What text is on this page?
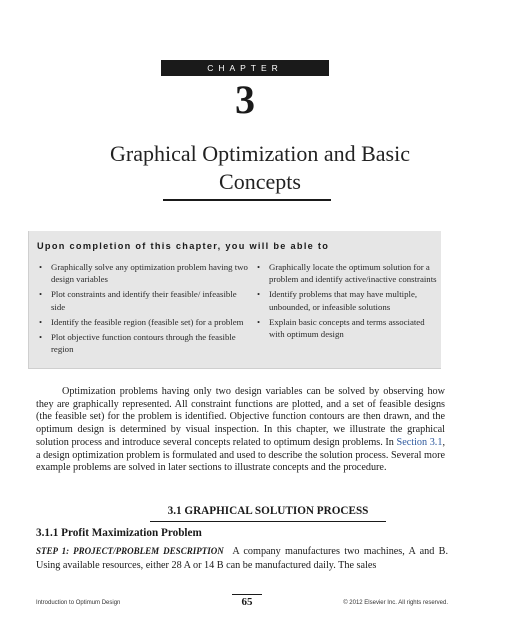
CHAPTER
3
Graphical Optimization and Basic
Concepts
Upon completion of this chapter, you will be able to
• Graphically solve any optimization problem having two design variables
• Plot constraints and identify their feasible/ infeasible side
• Identify the feasible region (feasible set) for a problem
• Plot objective function contours through the feasible region
• Graphically locate the optimum solution for a problem and identify active/inactive constraints
• Identify problems that may have multiple, unbounded, or infeasible solutions
• Explain basic concepts and terms associated with optimum design

Optimization problems having only two design variables can be solved by observing how they are graphically represented. All constraint functions are plotted, and a set of feasible designs (the feasible set) for the problem is identified. Objective function contours are then drawn, and the optimum design is determined by visual inspection. In this chapter, we illustrate the graphical solution process and introduce several concepts related to optimum design problems. In Section 3.1, a design optimization problem is formulated and used to describe the solution process. Several more example problems are solved in later sections to illustrate concepts and the procedure.

3.1 GRAPHICAL SOLUTION PROCESS
3.1.1 Profit Maximization Problem

STEP 1: PROJECT/PROBLEM DESCRIPTION A company manufactures two machines, A and B. Using available resources, either 28 A or 14 B can be manufactured daily. The sales

Introduction to Optimum Design	65	© 2012 Elsevier Inc. All rights reserved.
